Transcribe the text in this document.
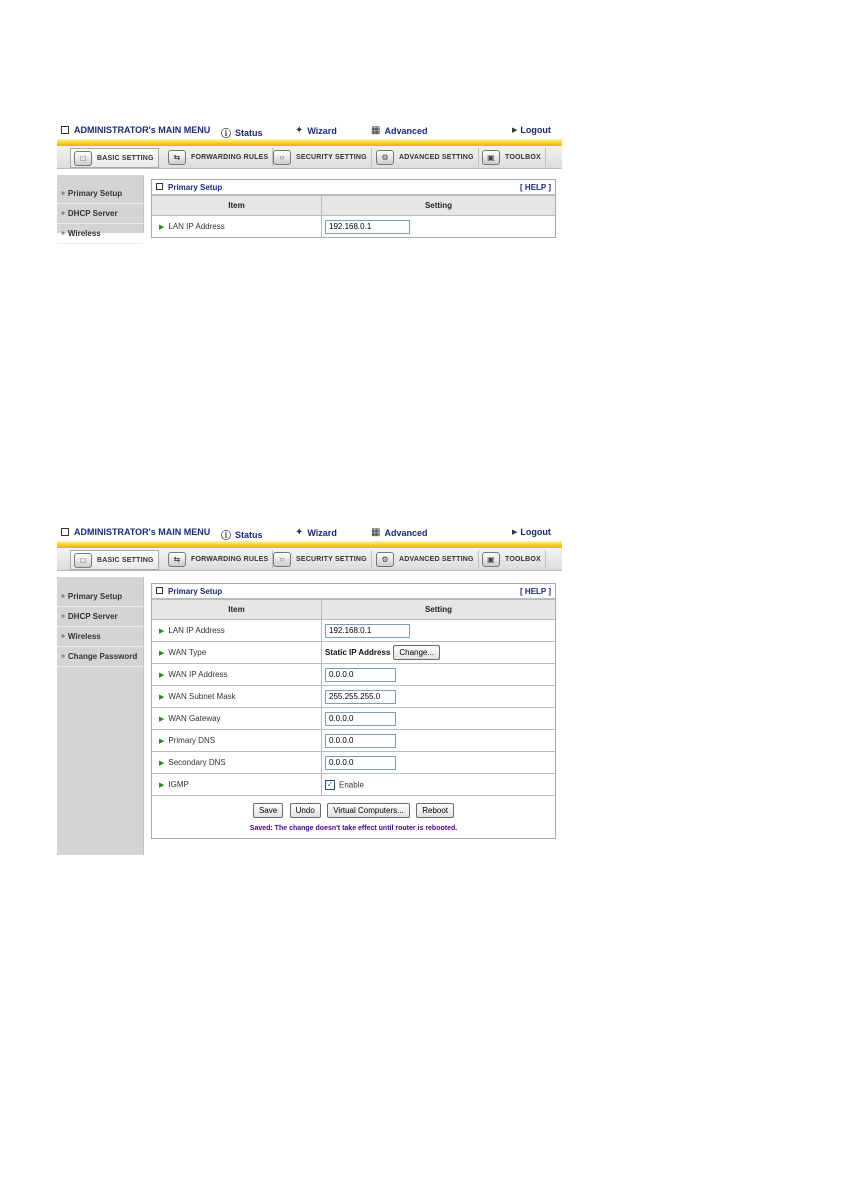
ADMINISTRATOR's MAIN MENU ⓘ Status	✦ Wizard	▦ Advanced	▶ Logout
□	BASIC SETTING	⇆	FORWARDING RULES	○	SECURITY SETTING	⚙	ADVANCED SETTING	▣	TOOLBOX
» Primary Setup
» DHCP Server
» Wireless
Primary Setup	[ HELP ]
Item	Setting
▶ LAN IP Address	192.168.0.1
ADMINISTRATOR's MAIN MENU ⓘ Status	✦ Wizard	▦ Advanced	▶ Logout
□	BASIC SETTING	⇆	FORWARDING RULES	○	SECURITY SETTING	⚙	ADVANCED SETTING	▣	TOOLBOX
» Primary Setup
» DHCP Server
» Wireless
» Change Password
Primary Setup	[ HELP ]
Item	Setting
▶ LAN IP Address	192.168.0.1
▶ WAN Type	Static IP Address Change...
▶ WAN IP Address	0.0.0.0
▶ WAN Subnet Mask	255.255.255.0
▶ WAN Gateway	0.0.0.0
▶ Primary DNS	0.0.0.0
▶ Secondary DNS	0.0.0.0
▶ IGMP	✓ Enable
Save Undo Virtual Computers... Reboot
Saved: The change doesn't take effect until router is rebooted.
